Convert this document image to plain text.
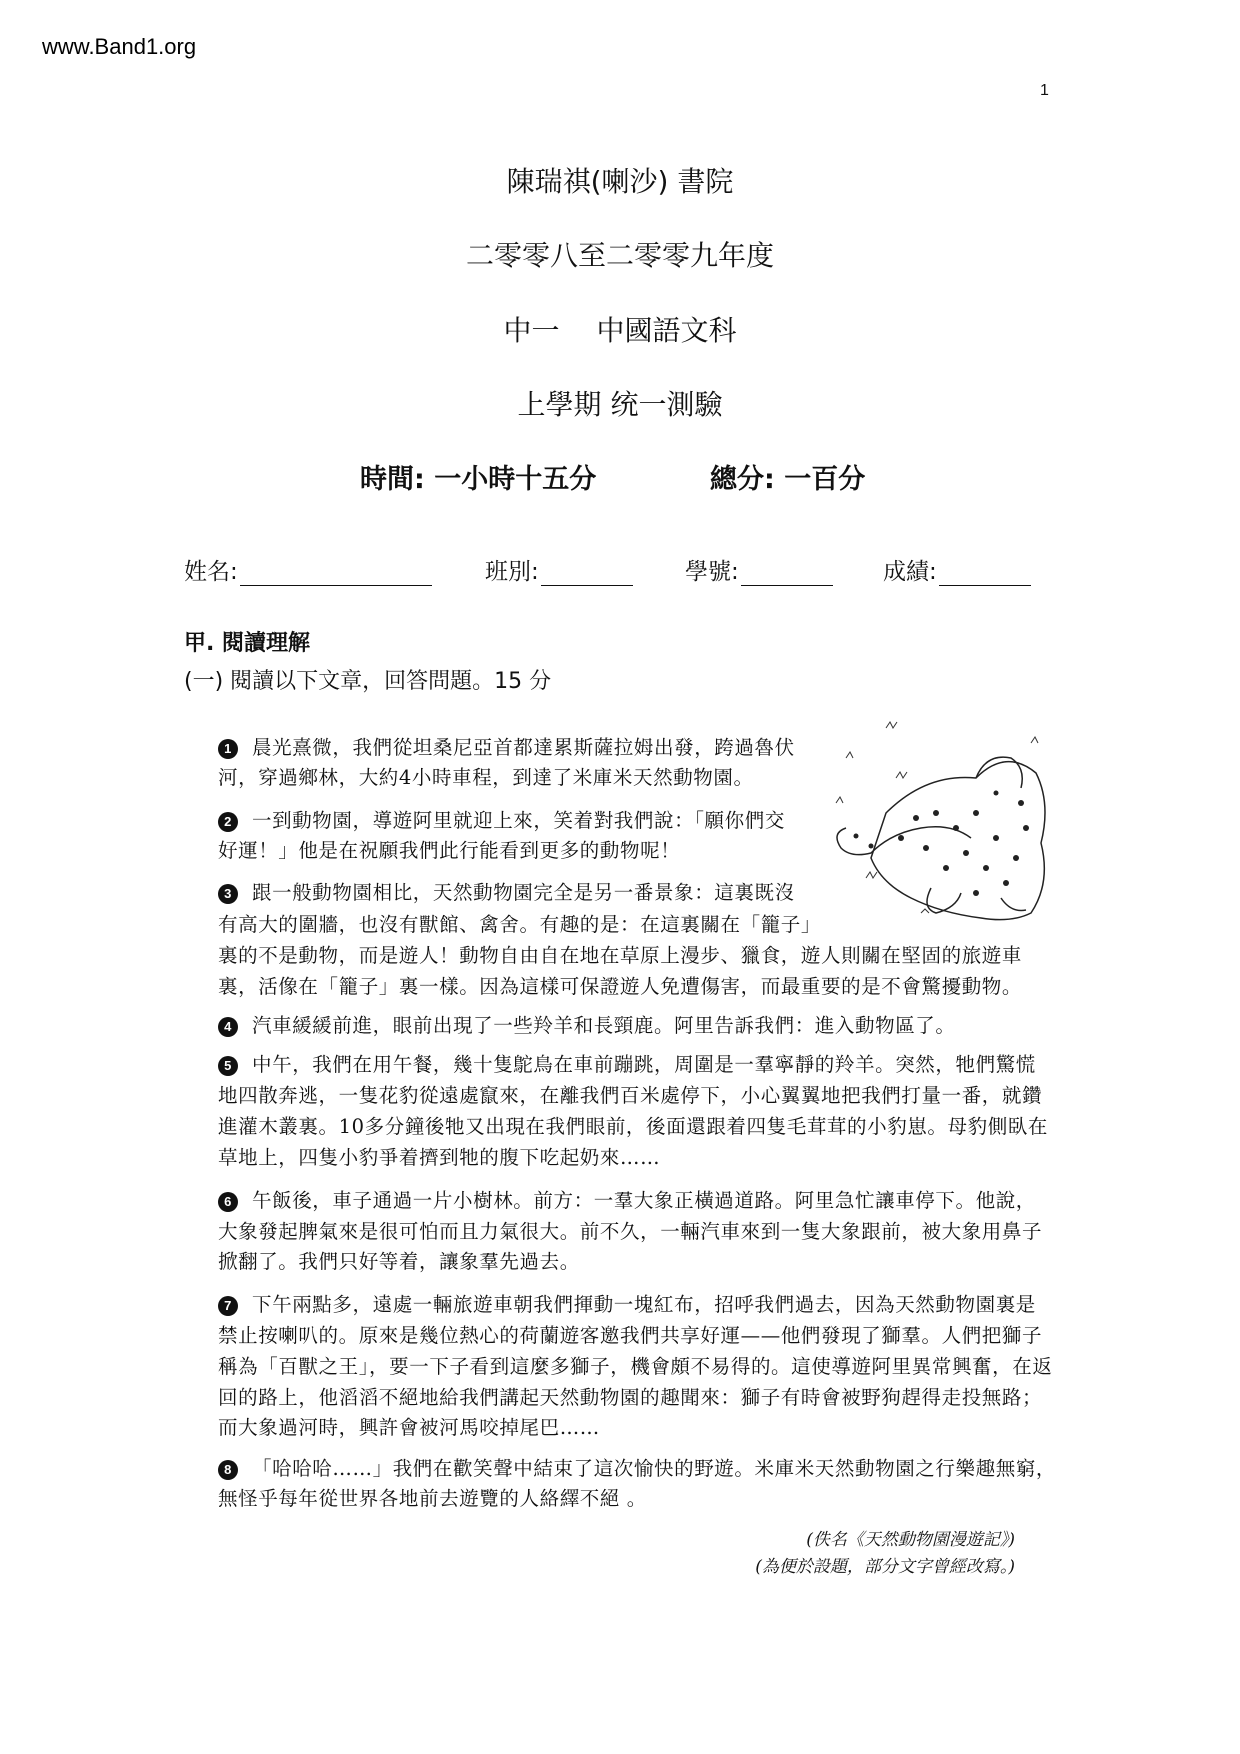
www.Band1.org
1
陳瑞祺(喇沙) 書院
二零零八至二零零九年度
中一　 中國語文科
上學期 统一測驗
時間: 一小時十五分	總分: 一百分
姓名:	班別:	學號:	成績:
甲. 閱讀理解
(一) 閱讀以下文章，回答問題。15 分
1 晨光熹微，我們從坦桑尼亞首都達累斯薩拉姆出發，跨過魯伏
河，穿過鄉林，大約4小時車程，到達了米庫米天然動物園。
2 一到動物園，導遊阿里就迎上來，笑着對我們說：「願你們交
好運！」他是在祝願我們此行能看到更多的動物呢！
3 跟一般動物園相比，天然動物園完全是另一番景象：這裏既沒
有高大的圍牆，也沒有獸館、禽舍。有趣的是：在這裏關在「籠子」
裏的不是動物，而是遊人！動物自由自在地在草原上漫步、獵食，遊人則關在堅固的旅遊車
裏，活像在「籠子」裏一樣。因為這樣可保證遊人免遭傷害，而最重要的是不會驚擾動物。
4 汽車緩緩前進，眼前出現了一些羚羊和長頸鹿。阿里告訴我們：進入動物區了。
5 中午，我們在用午餐，幾十隻鴕鳥在車前蹦跳，周圍是一羣寧靜的羚羊。突然，牠們驚慌
地四散奔逃，一隻花豹從遠處竄來，在離我們百米處停下，小心翼翼地把我們打量一番，就鑽
進灌木叢裏。10多分鐘後牠又出現在我們眼前，後面還跟着四隻毛茸茸的小豹崽。母豹側臥在
草地上，四隻小豹爭着擠到牠的腹下吃起奶來……
6 午飯後，車子通過一片小樹林。前方：一羣大象正橫過道路。阿里急忙讓車停下。他說，
大象發起脾氣來是很可怕而且力氣很大。前不久，一輛汽車來到一隻大象跟前，被大象用鼻子
掀翻了。我們只好等着，讓象羣先過去。
7 下午兩點多，遠處一輛旅遊車朝我們揮動一塊紅布，招呼我們過去，因為天然動物園裏是
禁止按喇叭的。原來是幾位熱心的荷蘭遊客邀我們共享好運——他們發現了獅羣。人們把獅子
稱為「百獸之王」，要一下子看到這麼多獅子，機會頗不易得的。這使導遊阿里異常興奮，在返
回的路上，他滔滔不絕地給我們講起天然動物園的趣聞來：獅子有時會被野狗趕得走投無路；
而大象過河時，興許會被河馬咬掉尾巴……
8 「哈哈哈……」我們在歡笑聲中結束了這次愉快的野遊。米庫米天然動物園之行樂趣無窮，
無怪乎每年從世界各地前去遊覽的人絡繹不絕 。
(佚名《天然動物園漫遊記》)
(為便於設題，部分文字曾經改寫。)
